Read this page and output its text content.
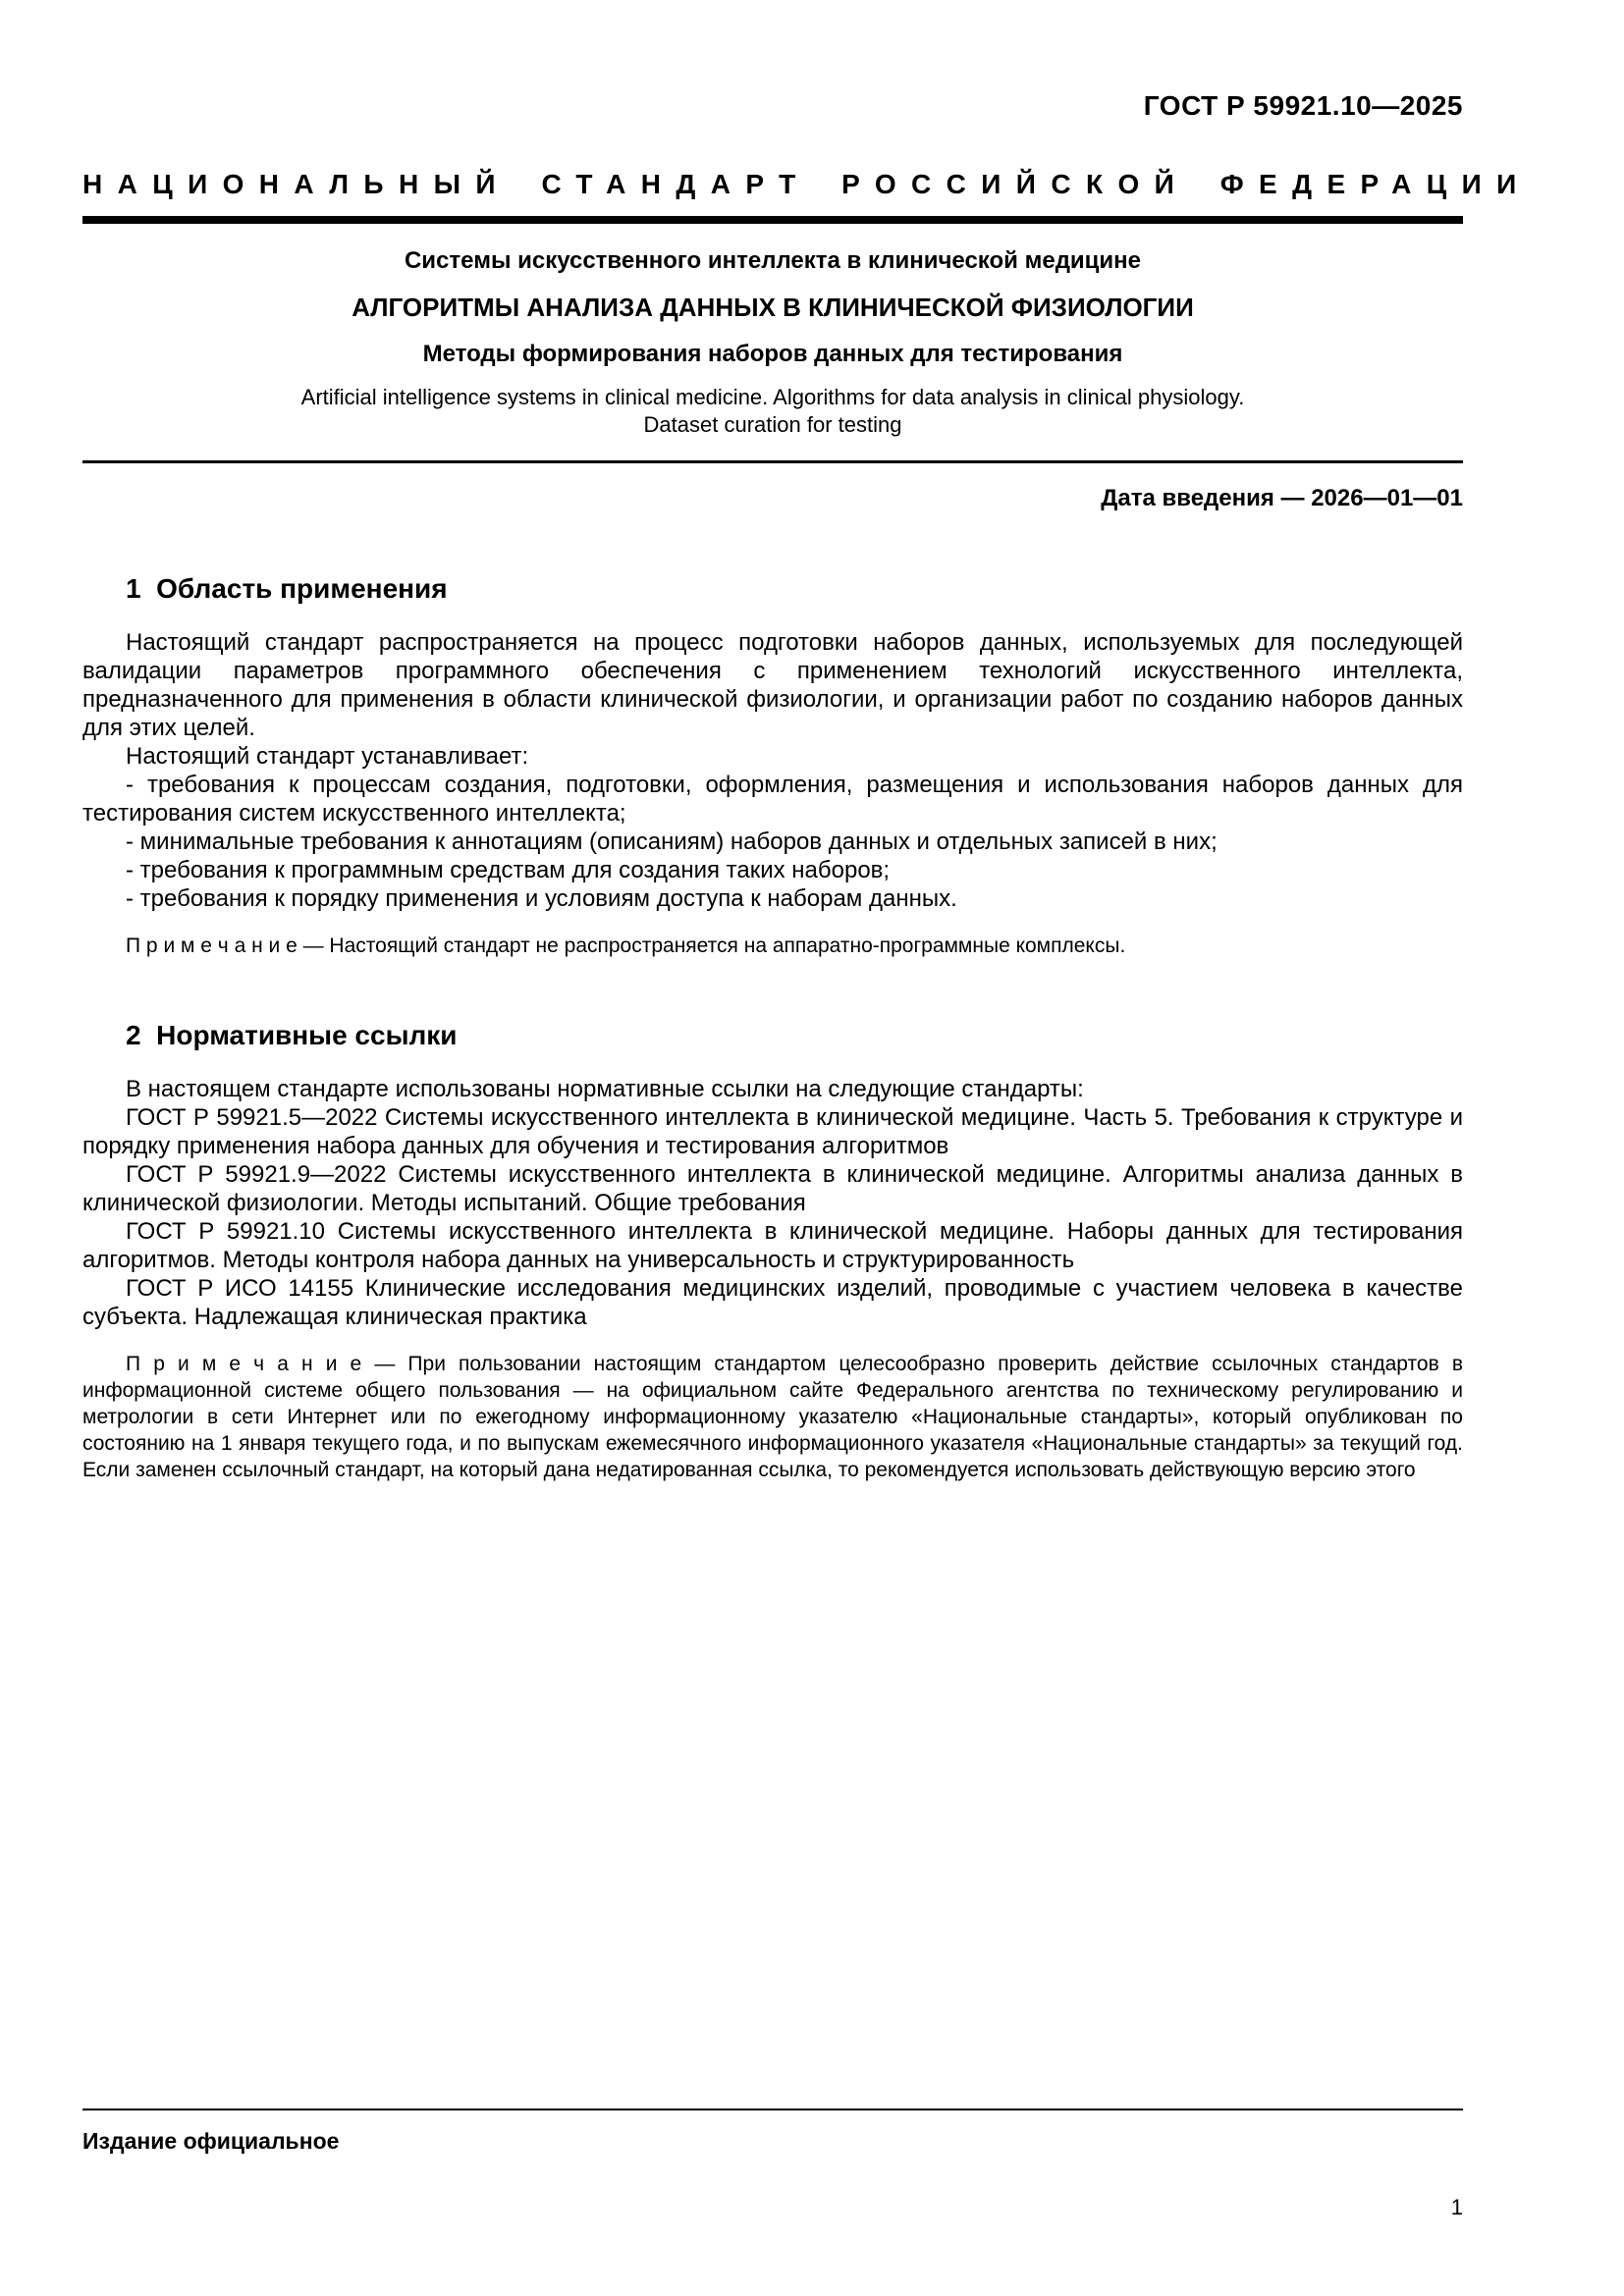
ГОСТ Р 59921.10—2025
НАЦИОНАЛЬНЫЙ СТАНДАРТ РОССИЙСКОЙ ФЕДЕРАЦИИ
Системы искусственного интеллекта в клинической медицине
АЛГОРИТМЫ АНАЛИЗА ДАННЫХ В КЛИНИЧЕСКОЙ ФИЗИОЛОГИИ
Методы формирования наборов данных для тестирования
Artificial intelligence systems in clinical medicine. Algorithms for data analysis in clinical physiology.
Dataset curation for testing
Дата введения — 2026—01—01
1  Область применения

Настоящий стандарт распространяется на процесс подготовки наборов данных, используемых для последующей валидации параметров программного обеспечения с применением технологий искусственного интеллекта, предназначенного для применения в области клинической физиологии, и организации работ по созданию наборов данных для этих целей.

Настоящий стандарт устанавливает:

- требования к процессам создания, подготовки, оформления, размещения и использования наборов данных для тестирования систем искусственного интеллекта;

- минимальные требования к аннотациям (описаниям) наборов данных и отдельных записей в них;

- требования к программным средствам для создания таких наборов;

- требования к порядку применения и условиям доступа к наборам данных.

П р и м е ч а н и е — Настоящий стандарт не распространяется на аппаратно-программные комплексы.

2  Нормативные ссылки

В настоящем стандарте использованы нормативные ссылки на следующие стандарты:

ГОСТ Р 59921.5—2022 Системы искусственного интеллекта в клинической медицине. Часть 5. Требования к структуре и порядку применения набора данных для обучения и тестирования алгоритмов

ГОСТ Р 59921.9—2022 Системы искусственного интеллекта в клинической медицине. Алгоритмы анализа данных в клинической физиологии. Методы испытаний. Общие требования

ГОСТ Р 59921.10 Системы искусственного интеллекта в клинической медицине. Наборы данных для тестирования алгоритмов. Методы контроля набора данных на универсальность и структурированность

ГОСТ Р ИСО 14155 Клинические исследования медицинских изделий, проводимые с участием человека в качестве субъекта. Надлежащая клиническая практика

П р и м е ч а н и е — При пользовании настоящим стандартом целесообразно проверить действие ссылочных стандартов в информационной системе общего пользования — на официальном сайте Федерального агентства по техническому регулированию и метрологии в сети Интернет или по ежегодному информационному указателю «Национальные стандарты», который опубликован по состоянию на 1 января текущего года, и по выпускам ежемесячного информационного указателя «Национальные стандарты» за текущий год. Если заменен ссылочный стандарт, на который дана недатированная ссылка, то рекомендуется использовать действующую версию этого

Издание официальное
1
